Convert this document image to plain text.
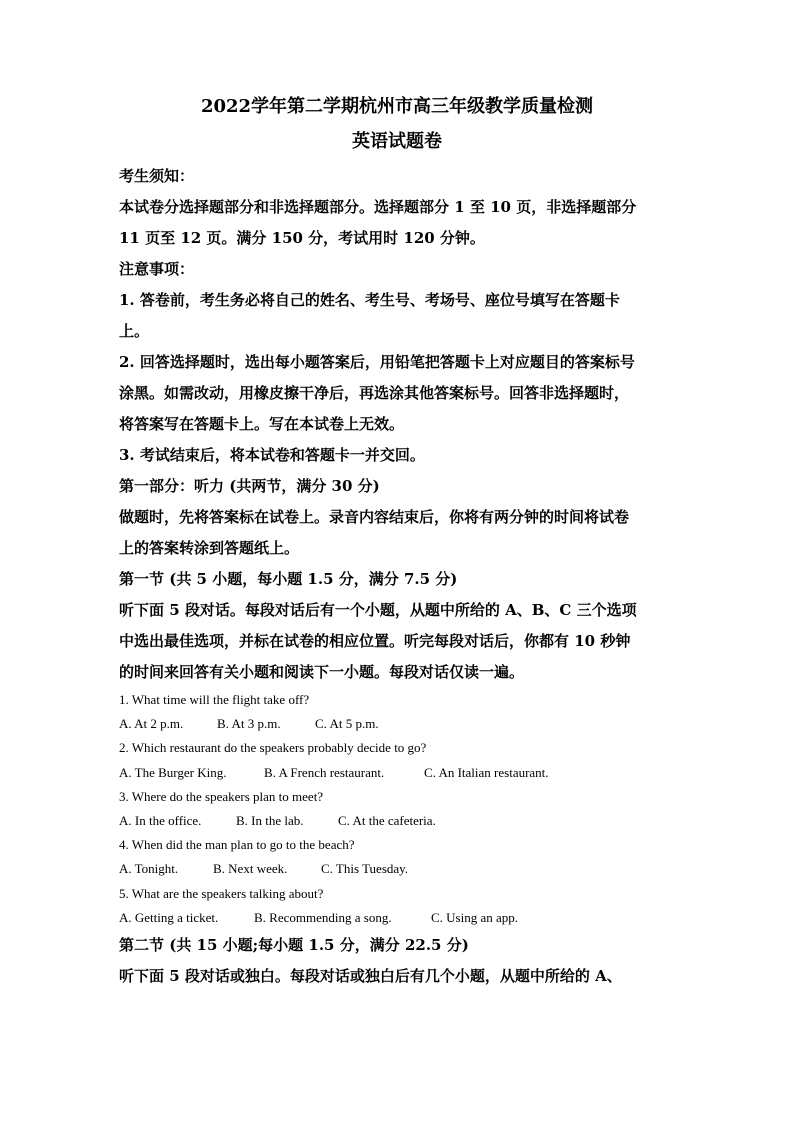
2022学年第二学期杭州市高三年级教学质量检测
英语试题卷

考生须知：

本试卷分选择题部分和非选择题部分。选择题部分 1 至 10 页，非选择题部分

11 页至 12 页。满分 150 分，考试用时 120 分钟。

注意事项：

1. 答卷前，考生务必将自己的姓名、考生号、考场号、座位号填写在答题卡

上。

2. 回答选择题时，选出每小题答案后，用铅笔把答题卡上对应题目的答案标号

涂黑。如需改动，用橡皮擦干净后，再选涂其他答案标号。回答非选择题时，

将答案写在答题卡上。写在本试卷上无效。

3. 考试结束后，将本试卷和答题卡一并交回。

第一部分：听力 (共两节，满分 30 分)

做题时，先将答案标在试卷上。录音内容结束后，你将有两分钟的时间将试卷

上的答案转涂到答题纸上。

第一节 (共 5 小题，每小题 1.5 分，满分 7.5 分)

听下面 5 段对话。每段对话后有一个小题，从题中所给的 A、B、C 三个选项

中选出最佳选项，并标在试卷的相应位置。听完每段对话后，你都有 10 秒钟

的时间来回答有关小题和阅读下一小题。每段对话仅读一遍。

1. What time will the flight take off?

A. At 2 p.m.	B. At 3 p.m.	C. At 5 p.m.

2. Which restaurant do the speakers probably decide to go?

A. The Burger King.	B. A French restaurant.	C. An Italian restaurant.

3. Where do the speakers plan to meet?

A. In the office.	B. In the lab.	C. At the cafeteria.

4. When did the man plan to go to the beach?

A. Tonight.	B. Next week.	C. This Tuesday.

5. What are the speakers talking about?

A. Getting a ticket.	B. Recommending a song.	C. Using an app.

第二节 (共 15 小题;每小题 1.5 分，满分 22.5 分)

听下面 5 段对话或独白。每段对话或独白后有几个小题，从题中所给的 A、
